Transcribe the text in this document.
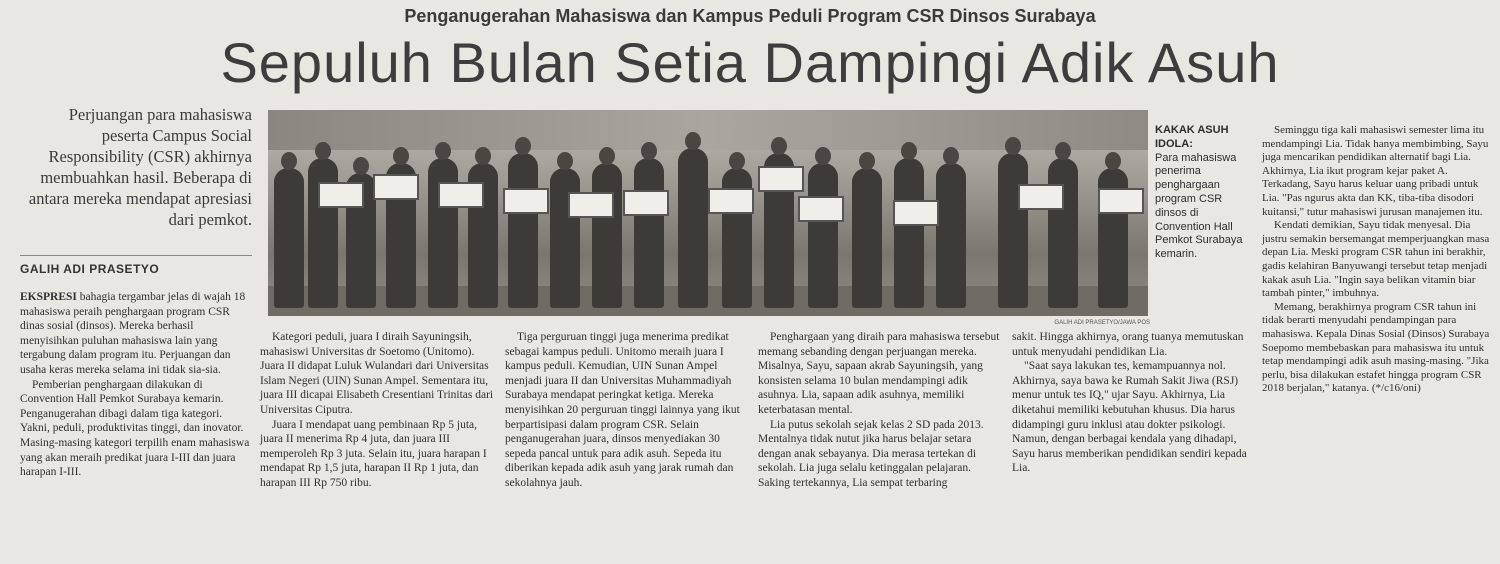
Penganugerahan Mahasiswa dan Kampus Peduli Program CSR Dinsos Surabaya
Sepuluh Bulan Setia Dampingi Adik Asuh
Perjuangan para mahasiswa peserta Campus Social Responsibility (CSR) akhirnya membuahkan hasil. Beberapa di antara mereka mendapat apresiasi dari pemkot.
GALIH ADI PRASETYO
GALIH ADI PRASETYO/JAWA POS
KAKAK ASUH IDOLA:
Para mahasiswa penerima penghargaan program CSR dinsos di Convention Hall Pemkot Surabaya kemarin.

EKSPRESI bahagia tergambar jelas di wajah 18 mahasiswa peraih penghargaan program CSR dinas sosial (dinsos). Mereka berhasil menyisihkan puluhan mahasiswa lain yang tergabung dalam program itu. Perjuangan dan usaha keras mereka selama ini tidak sia-sia.

Pemberian penghargaan dilakukan di Convention Hall Pemkot Surabaya kemarin. Penganugerahan dibagi dalam tiga kategori. Yakni, peduli, produktivitas tinggi, dan inovator. Masing-masing kategori terpilih enam mahasiswa yang akan meraih predikat juara I-III dan juara harapan I-III.

Kategori peduli, juara I diraih Sayuningsih, mahasiswi Universitas dr Soetomo (Unitomo). Juara II didapat Luluk Wulandari dari Universitas Islam Negeri (UIN) Sunan Ampel. Sementara itu, juara III dicapai Elisabeth Cresentiani Trinitas dari Universitas Ciputra.

Juara I mendapat uang pembinaan Rp 5 juta, juara II menerima Rp 4 juta, dan juara III memperoleh Rp 3 juta. Selain itu, juara harapan I mendapat Rp 1,5 juta, harapan II Rp 1 juta, dan harapan III Rp 750 ribu.

Tiga perguruan tinggi juga menerima predikat sebagai kampus peduli. Unitomo meraih juara I kampus peduli. Kemudian, UIN Sunan Ampel menjadi juara II dan Universitas Muhammadiyah Surabaya mendapat peringkat ketiga. Mereka menyisihkan 20 perguruan tinggi lainnya yang ikut berpartisipasi dalam program CSR. Selain penganugerahan juara, dinsos menyediakan 30 sepeda pancal untuk para adik asuh. Sepeda itu diberikan kepada adik asuh yang jarak rumah dan sekolahnya jauh.

Penghargaan yang diraih para mahasiswa tersebut memang sebanding dengan perjuangan mereka. Misalnya, Sayu, sapaan akrab Sayuningsih, yang konsisten selama 10 bulan mendampingi adik asuhnya. Lia, sapaan adik asuhnya, memiliki keterbatasan mental.

Lia putus sekolah sejak kelas 2 SD pada 2013. Mentalnya tidak nutut jika harus belajar setara dengan anak sebayanya. Dia merasa tertekan di sekolah. Lia juga selalu ketinggalan pelajaran. Saking tertekannya, Lia sempat terbaring

sakit. Hingga akhirnya, orang tuanya memutuskan untuk menyudahi pendidikan Lia.

"Saat saya lakukan tes, kemampuannya nol. Akhirnya, saya bawa ke Rumah Sakit Jiwa (RSJ) menur untuk tes IQ," ujar Sayu. Akhirnya, Lia diketahui memiliki kebutuhan khusus. Dia harus didampingi guru inklusi atau dokter psikologi. Namun, dengan berbagai kendala yang dihadapi, Sayu harus memberikan pendidikan sendiri kepada Lia.

Seminggu tiga kali mahasiswi semester lima itu mendampingi Lia. Tidak hanya membimbing, Sayu juga mencarikan pendidikan alternatif bagi Lia. Akhirnya, Lia ikut program kejar paket A. Terkadang, Sayu harus keluar uang pribadi untuk Lia. "Pas ngurus akta dan KK, tiba-tiba disodori kuitansi," tutur mahasiswi jurusan manajemen itu.

Kendati demikian, Sayu tidak menyesal. Dia justru semakin bersemangat memperjuangkan masa depan Lia. Meski program CSR tahun ini berakhir, gadis kelahiran Banyuwangi tersebut tetap menjadi kakak asuh Lia. "Ingin saya belikan vitamin biar tambah pinter," imbuhnya.

Memang, berakhirnya program CSR tahun ini tidak berarti menyudahi pendampingan para mahasiswa. Kepala Dinas Sosial (Dinsos) Surabaya Soepomo membebaskan para mahasiswa itu untuk tetap mendampingi adik asuh masing-masing. "Jika perlu, bisa dilakukan estafet hingga program CSR 2018 berjalan," katanya. (*/c16/oni)
